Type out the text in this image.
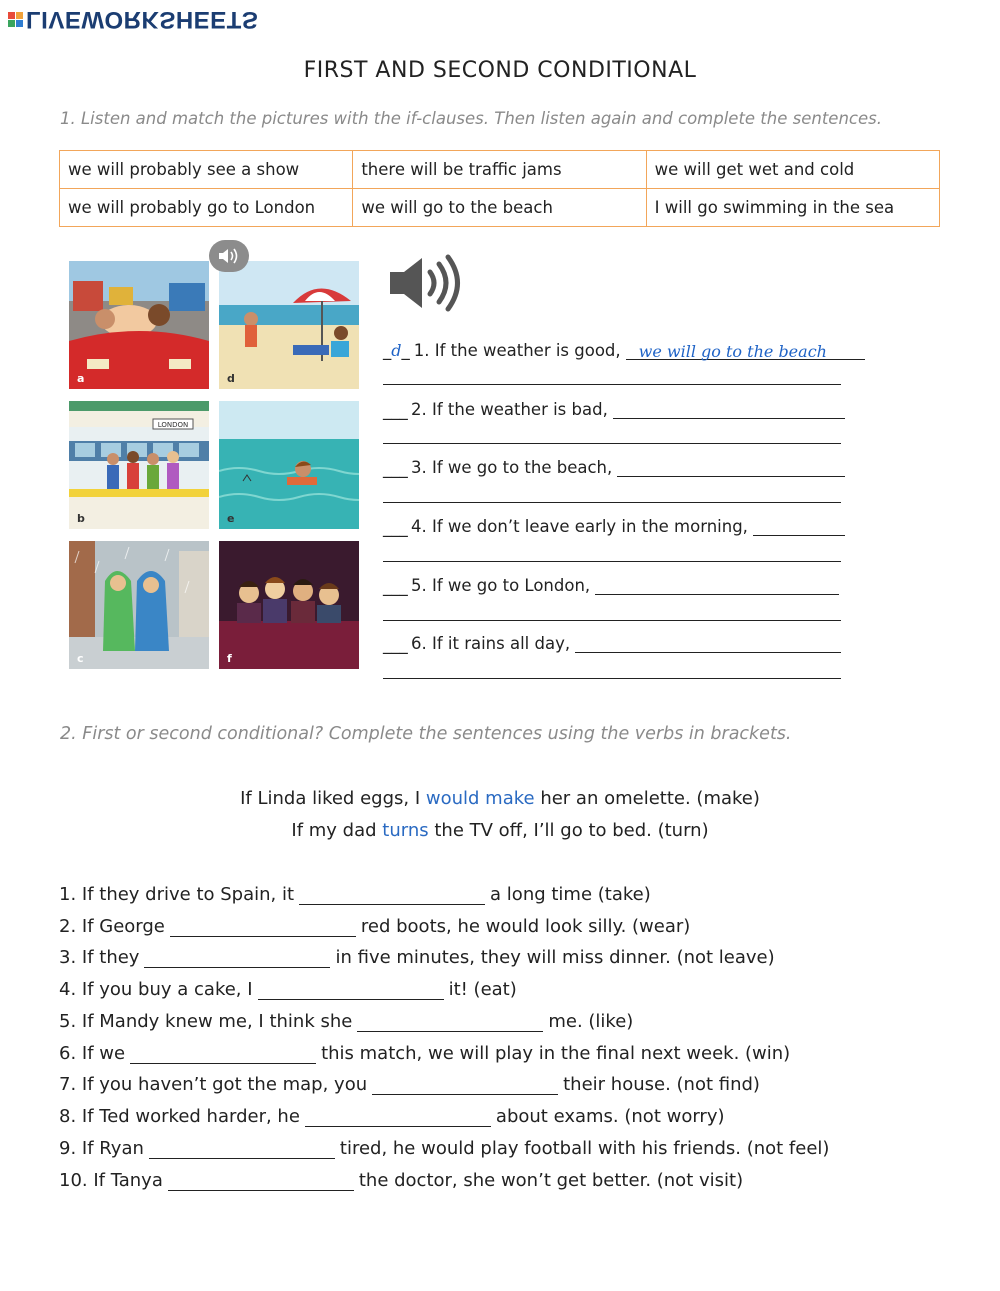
LIVEWORKSHEETS
FIRST AND SECOND CONDITIONAL
1. Listen and match the pictures with the if-clauses. Then listen again and complete the sentences.
we will probably see a show	there will be traffic jams	we will get wet and cold
we will probably go to London	we will go to the beach	I will go swimming in the sea
a	d
LONDON
b	e
c	f
_ d _ 1. If the weather is good, we will go to the beach
___ 2. If the weather is bad,
___ 3. If we go to the beach,
___ 4. If we don’t leave early in the morning,
___ 5. If we go to London,
___ 6. If it rains all day,
2. First or second conditional? Complete the sentences using the verbs in brackets.
If Linda liked eggs, I would make her an omelette. (make)
If my dad turns the TV off, I’ll go to bed. (turn)
1. If they drive to Spain, it	a long time (take)
2. If George	red boots, he would look silly. (wear)
3. If they	in five minutes, they will miss dinner. (not leave)
4. If you buy a cake, I	it! (eat)
5. If Mandy knew me, I think she	me. (like)
6. If we	this match, we will play in the final next week. (win)
7. If you haven’t got the map, you	their house. (not find)
8. If Ted worked harder, he	about exams. (not worry)
9. If Ryan	tired, he would play football with his friends. (not feel)
10. If Tanya	the doctor, she won’t get better. (not visit)
